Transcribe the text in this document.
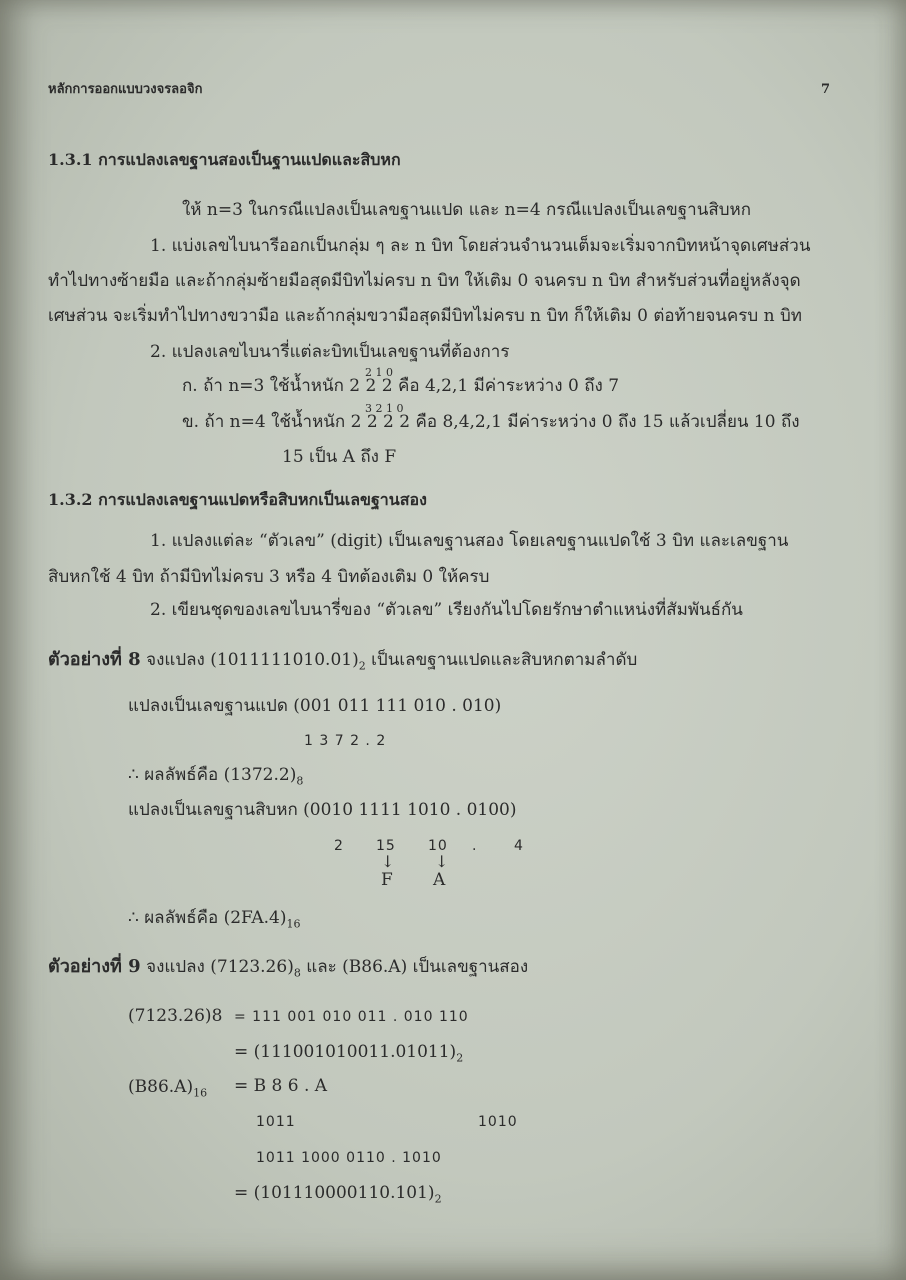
หลักการออกแบบวงจรลอจิก	7
1.3.1 การแปลงเลขฐานสองเป็นฐานแปดและสิบหก
ให้ n=3 ในกรณีแปลงเป็นเลขฐานแปด และ n=4 กรณีแปลงเป็นเลขฐานสิบหก
1. แบ่งเลขไบนารีออกเป็นกลุ่ม ๆ ละ n บิท โดยส่วนจำนวนเต็มจะเริ่มจากบิทหน้าจุดเศษส่วน
ทำไปทางซ้ายมือ และถ้ากลุ่มซ้ายมือสุดมีบิทไม่ครบ n บิท ให้เติม 0 จนครบ n บิท สำหรับส่วนที่อยู่หลังจุด
เศษส่วน จะเริ่มทำไปทางขวามือ และถ้ากลุ่มขวามือสุดมีบิทไม่ครบ n บิท ก็ให้เติม 0 ต่อท้ายจนครบ n บิท
2. แปลงเลขไบนารี่แต่ละบิทเป็นเลขฐานที่ต้องการ
ก. ถ้า n=3 ใช้น้ำหนัก 2 2 2 คือ 4,2,1 มีค่าระหว่าง 0 ถึง 7
2 1 0
ข. ถ้า n=4 ใช้น้ำหนัก 2 2 2 2 คือ 8,4,2,1 มีค่าระหว่าง 0 ถึง 15 แล้วเปลี่ยน 10 ถึง
3 2 1 0
15 เป็น A ถึง F
1.3.2 การแปลงเลขฐานแปดหรือสิบหกเป็นเลขฐานสอง
1. แปลงแต่ละ “ตัวเลข” (digit) เป็นเลขฐานสอง โดยเลขฐานแปดใช้ 3 บิท และเลขฐาน
สิบหกใช้ 4 บิท ถ้ามีบิทไม่ครบ 3 หรือ 4 บิทต้องเติม 0 ให้ครบ
2. เขียนชุดของเลขไบนารี่ของ “ตัวเลข” เรียงกันไปโดยรักษาตำแหน่งที่สัมพันธ์กัน
ตัวอย่างที่ 8 จงแปลง $(1011111010.01)_2$ เป็นเลขฐานแปดและสิบหกตามลำดับ
แปลงเป็นเลขฐานแปด (001 011 111 010 . 010)
1 3 7 2 . 2
∴ ผลลัพธ์คือ $(1372.2)_8$
แปลงเป็นเลขฐานสิบหก (0010 1111 1010 . 0100)
2 15 10 .	4
↓	↓
F A
∴ ผลลัพธ์คือ $(2FA.4)_{16}$
ตัวอย่างที่ 9 จงแปลง $(7123.26)_8$ และ (B86.A) เป็นเลขฐานสอง
(7123.26)8 = 111 001 010 011 . 010 110
= $(111001010011.01011)_2$
$(B86.A)_{16} = B$ 8 6 . A
1011	1010
1011 1000 0110 . 1010
= $(101110000110.101)_2$
